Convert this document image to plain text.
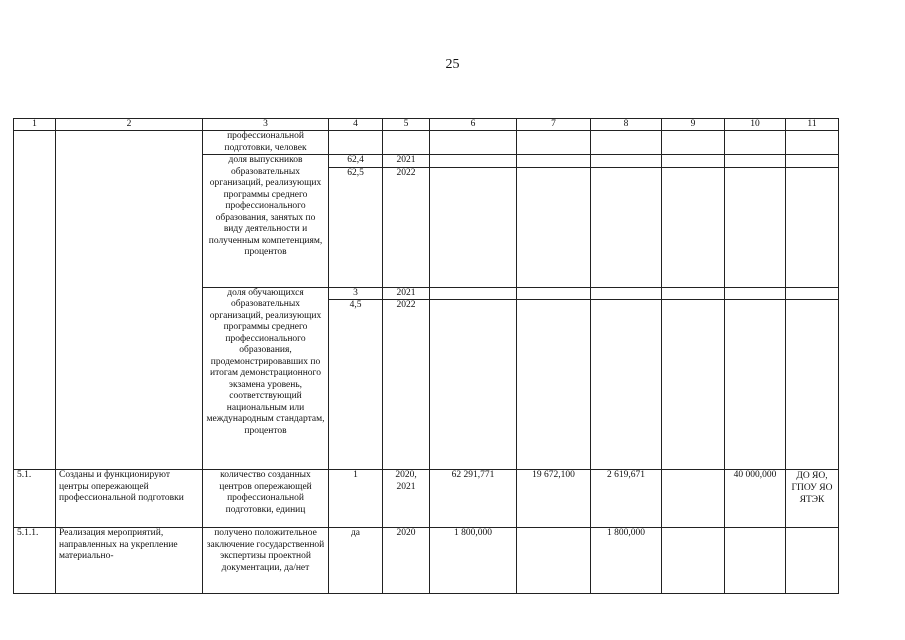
25
1	2	3	4	5	6	7	8	9	10	11
		профессиональной подготовки, человек								
		доля выпускников образовательных организаций, реализующих программы среднего профессионального образования, занятых по виду деятельности и полученным компетенциям, процентов	62,4	2021						
			62,5	2022						
		доля обучающихся образовательных организаций, реализующих программы среднего профессионального образования, продемонстрировавших по итогам демонстрационного экзамена уровень, соответствующий национальным или международным стандартам, процентов	3	2021						
			4,5	2022						
5.1.	Созданы и функционируют центры опережающей профессиональной подготовки	количество созданных центров опережающей профессиональной подготовки, единиц	1	2020, 2021	62 291,771	19 672,100	2 619,671		40 000,000	ДО ЯО, ГПОУ ЯО ЯТЭК
5.1.1.	Реализация мероприятий, направленных на укрепление материально-	получено положительное заключение государственной экспертизы проектной документации, да/нет	да	2020	1 800,000		1 800,000			
